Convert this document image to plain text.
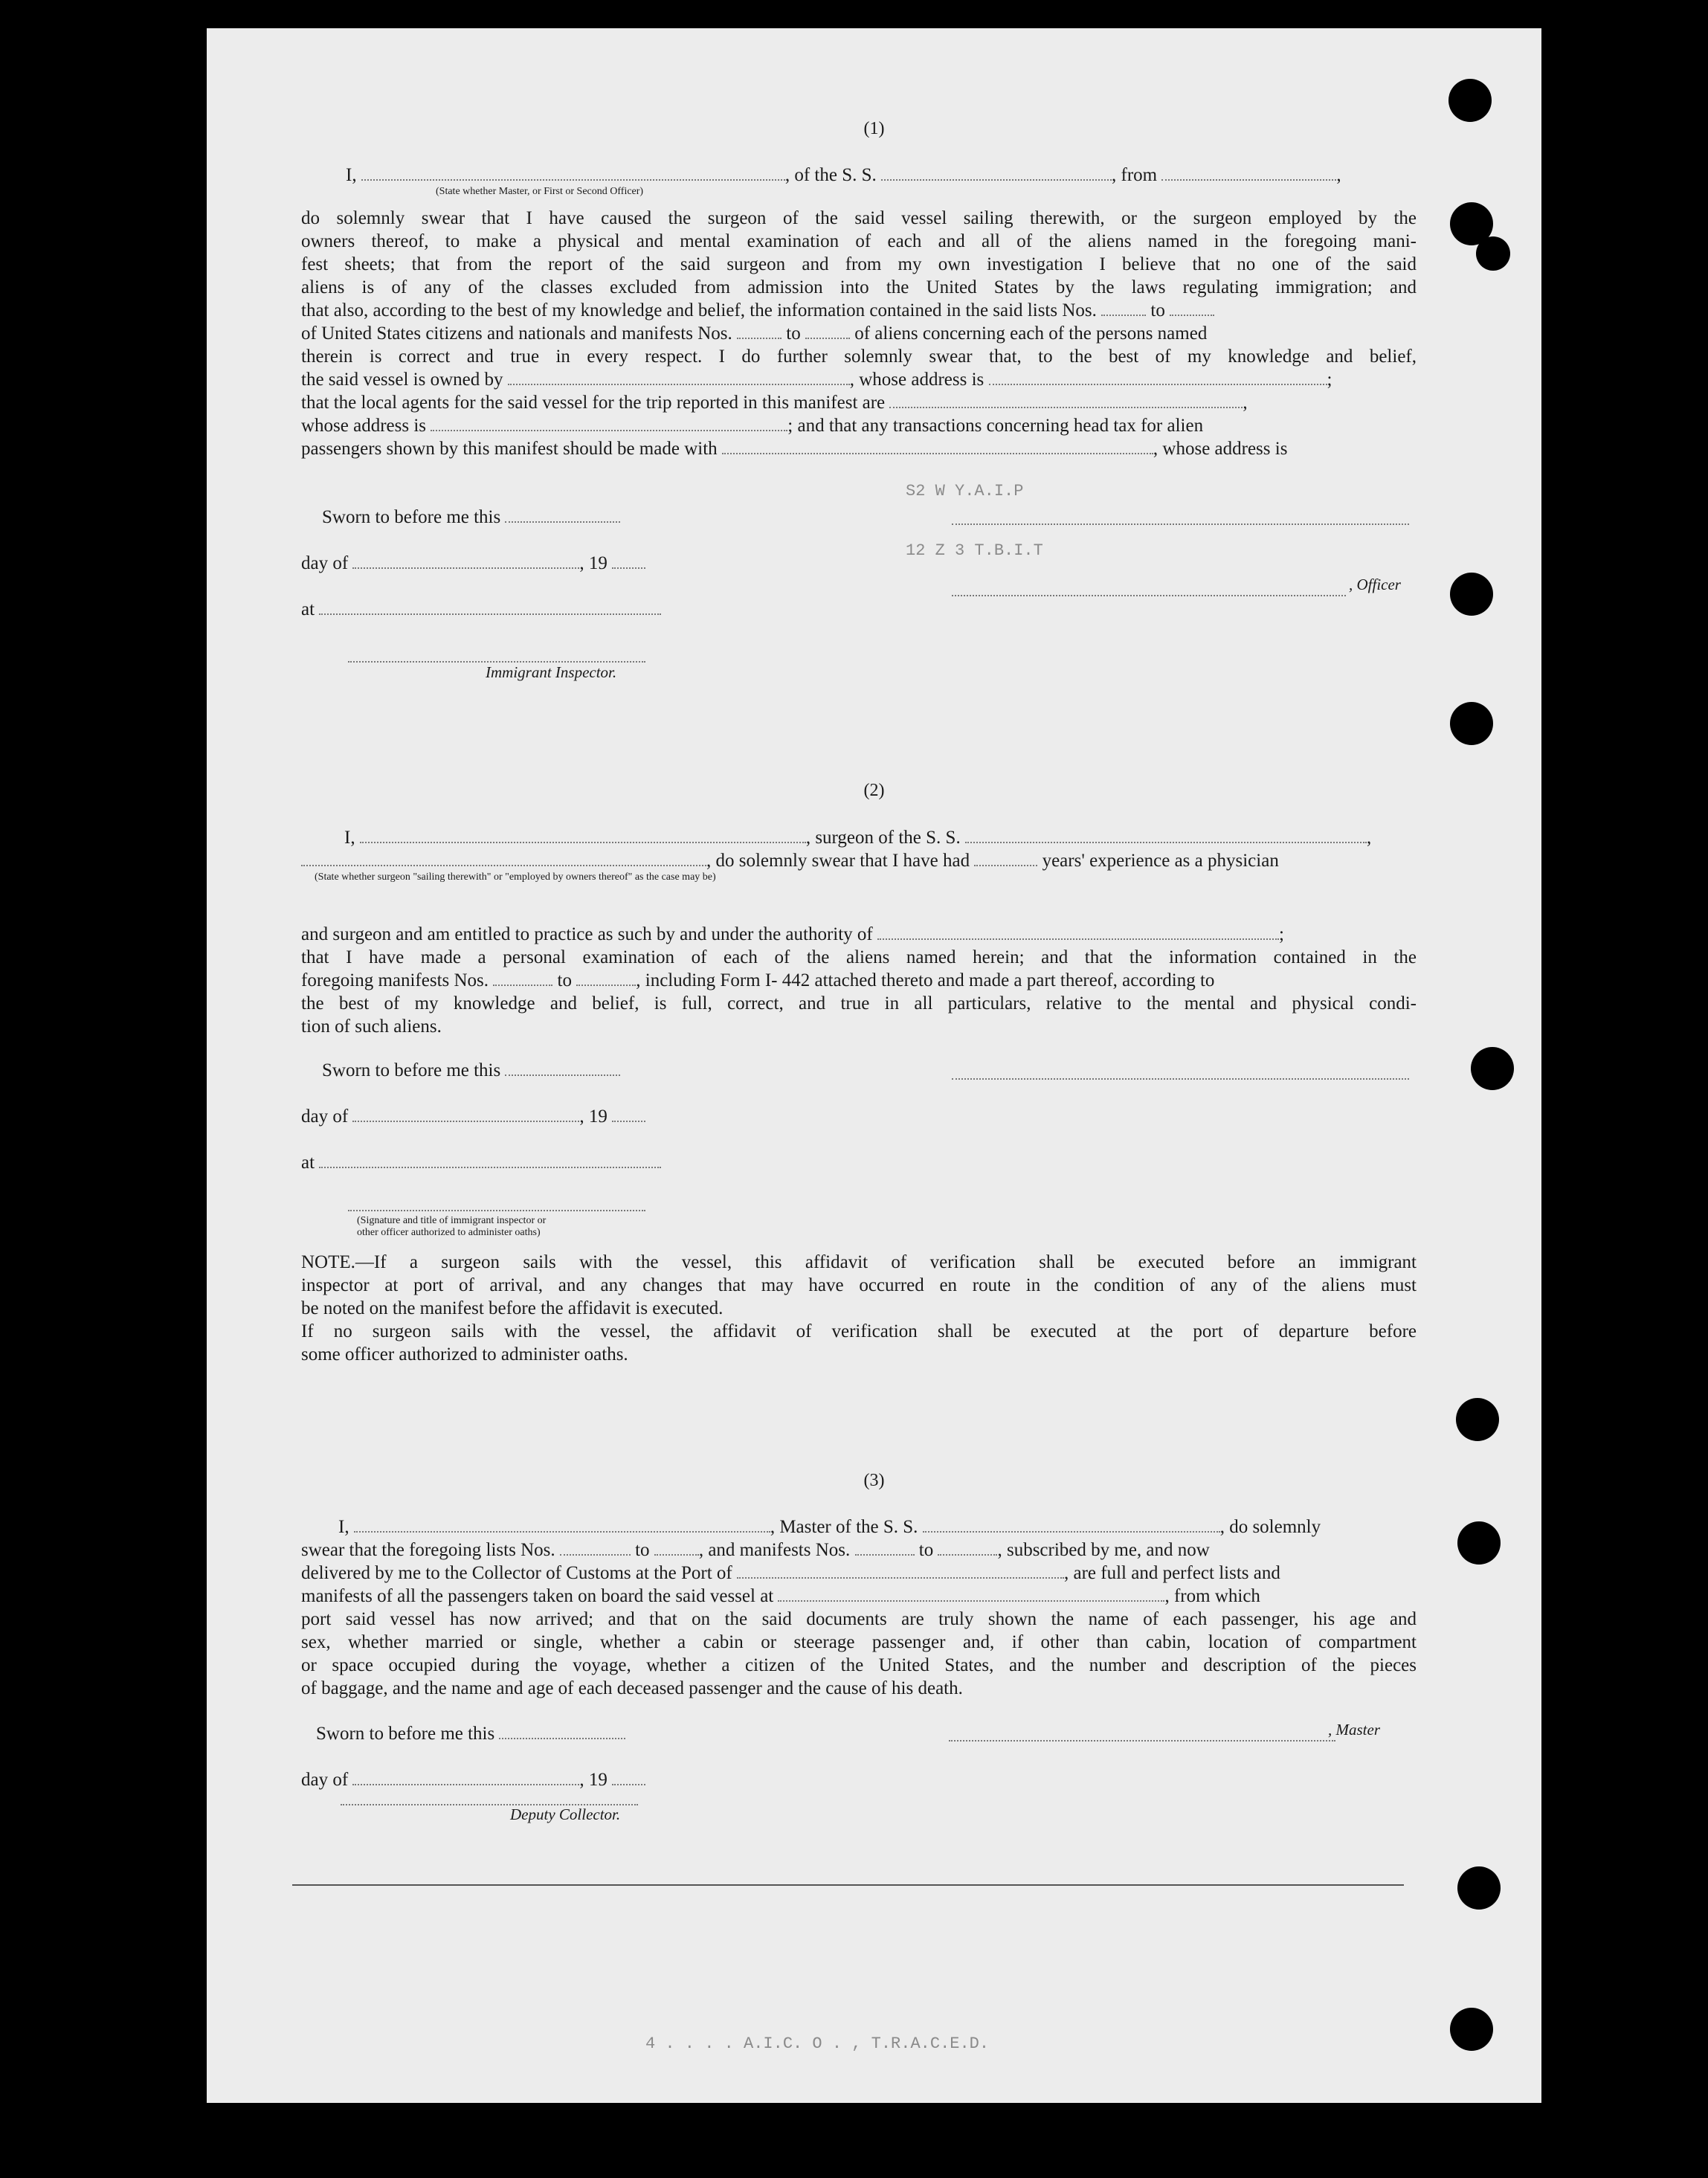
S2 W Y.A.I.P
12 Z 3 T.B.I.T
4 . . . . A.I.C. O . , T.R.A.C.E.D.
(1)
I,	, of the S. S.	, from	,
(State whether Master, or First or Second Officer)
do solemnly swear that I have caused the surgeon of the said vessel sailing therewith, or the surgeon employed by the
owners thereof, to make a physical and mental examination of each and all of the aliens named in the foregoing mani-
fest sheets; that from the report of the said surgeon and from my own investigation I believe that no one of the said
aliens is of any of the classes excluded from admission into the United States by the laws regulating immigration; and
that also, according to the best of my knowledge and belief, the information contained in the said lists Nos.	to
of United States citizens and nationals and manifests Nos.	to	of aliens concerning each of the persons named
therein is correct and true in every respect. I do further solemnly swear that, to the best of my knowledge and belief,
the said vessel is owned by	, whose address is	;
that the local agents for the said vessel for the trip reported in this manifest are	,
whose address is	; and that any transactions concerning head tax for alien
passengers shown by this manifest should be made with	, whose address is
Sworn to before me this
day of	, 19
, Officer
at
Immigrant Inspector.
(2)
I,	, surgeon of the S. S.	,
, do solemnly swear that I have had	years' experience as a physician
(State whether surgeon "sailing therewith" or "employed by owners thereof" as the case may be)
and surgeon and am entitled to practice as such by and under the authority of	;
that I have made a personal examination of each of the aliens named herein; and that the information contained in the
foregoing manifests Nos.	to	, including Form I- 442 attached thereto and made a part thereof, according to
the best of my knowledge and belief, is full, correct, and true in all particulars, relative to the mental and physical condi-
tion of such aliens.
Sworn to before me this
day of	, 19
at
(Signature and title of immigrant inspector or
other officer authorized to administer oaths)
NOTE.—If a surgeon sails with the vessel, this affidavit of verification shall be executed before an immigrant
inspector at port of arrival, and any changes that may have occurred en route in the condition of any of the aliens must
be noted on the manifest before the affidavit is executed.
If no surgeon sails with the vessel, the affidavit of verification shall be executed at the port of departure before
some officer authorized to administer oaths.
(3)
I,	, Master of the S. S.	, do solemnly
swear that the foregoing lists Nos.	to	, and manifests Nos.	to	, subscribed by me, and now
delivered by me to the Collector of Customs at the Port of	, are full and perfect lists and
manifests of all the passengers taken on board the said vessel at	, from which
port said vessel has now arrived; and that on the said documents are truly shown the name of each passenger, his age and
sex, whether married or single, whether a cabin or steerage passenger and, if other than cabin, location of compartment
or space occupied during the voyage, whether a citizen of the United States, and the number and description of the pieces
of baggage, and the name and age of each deceased passenger and the cause of his death.
Sworn to before me this	, Master
day of	, 19
Deputy Collector.
